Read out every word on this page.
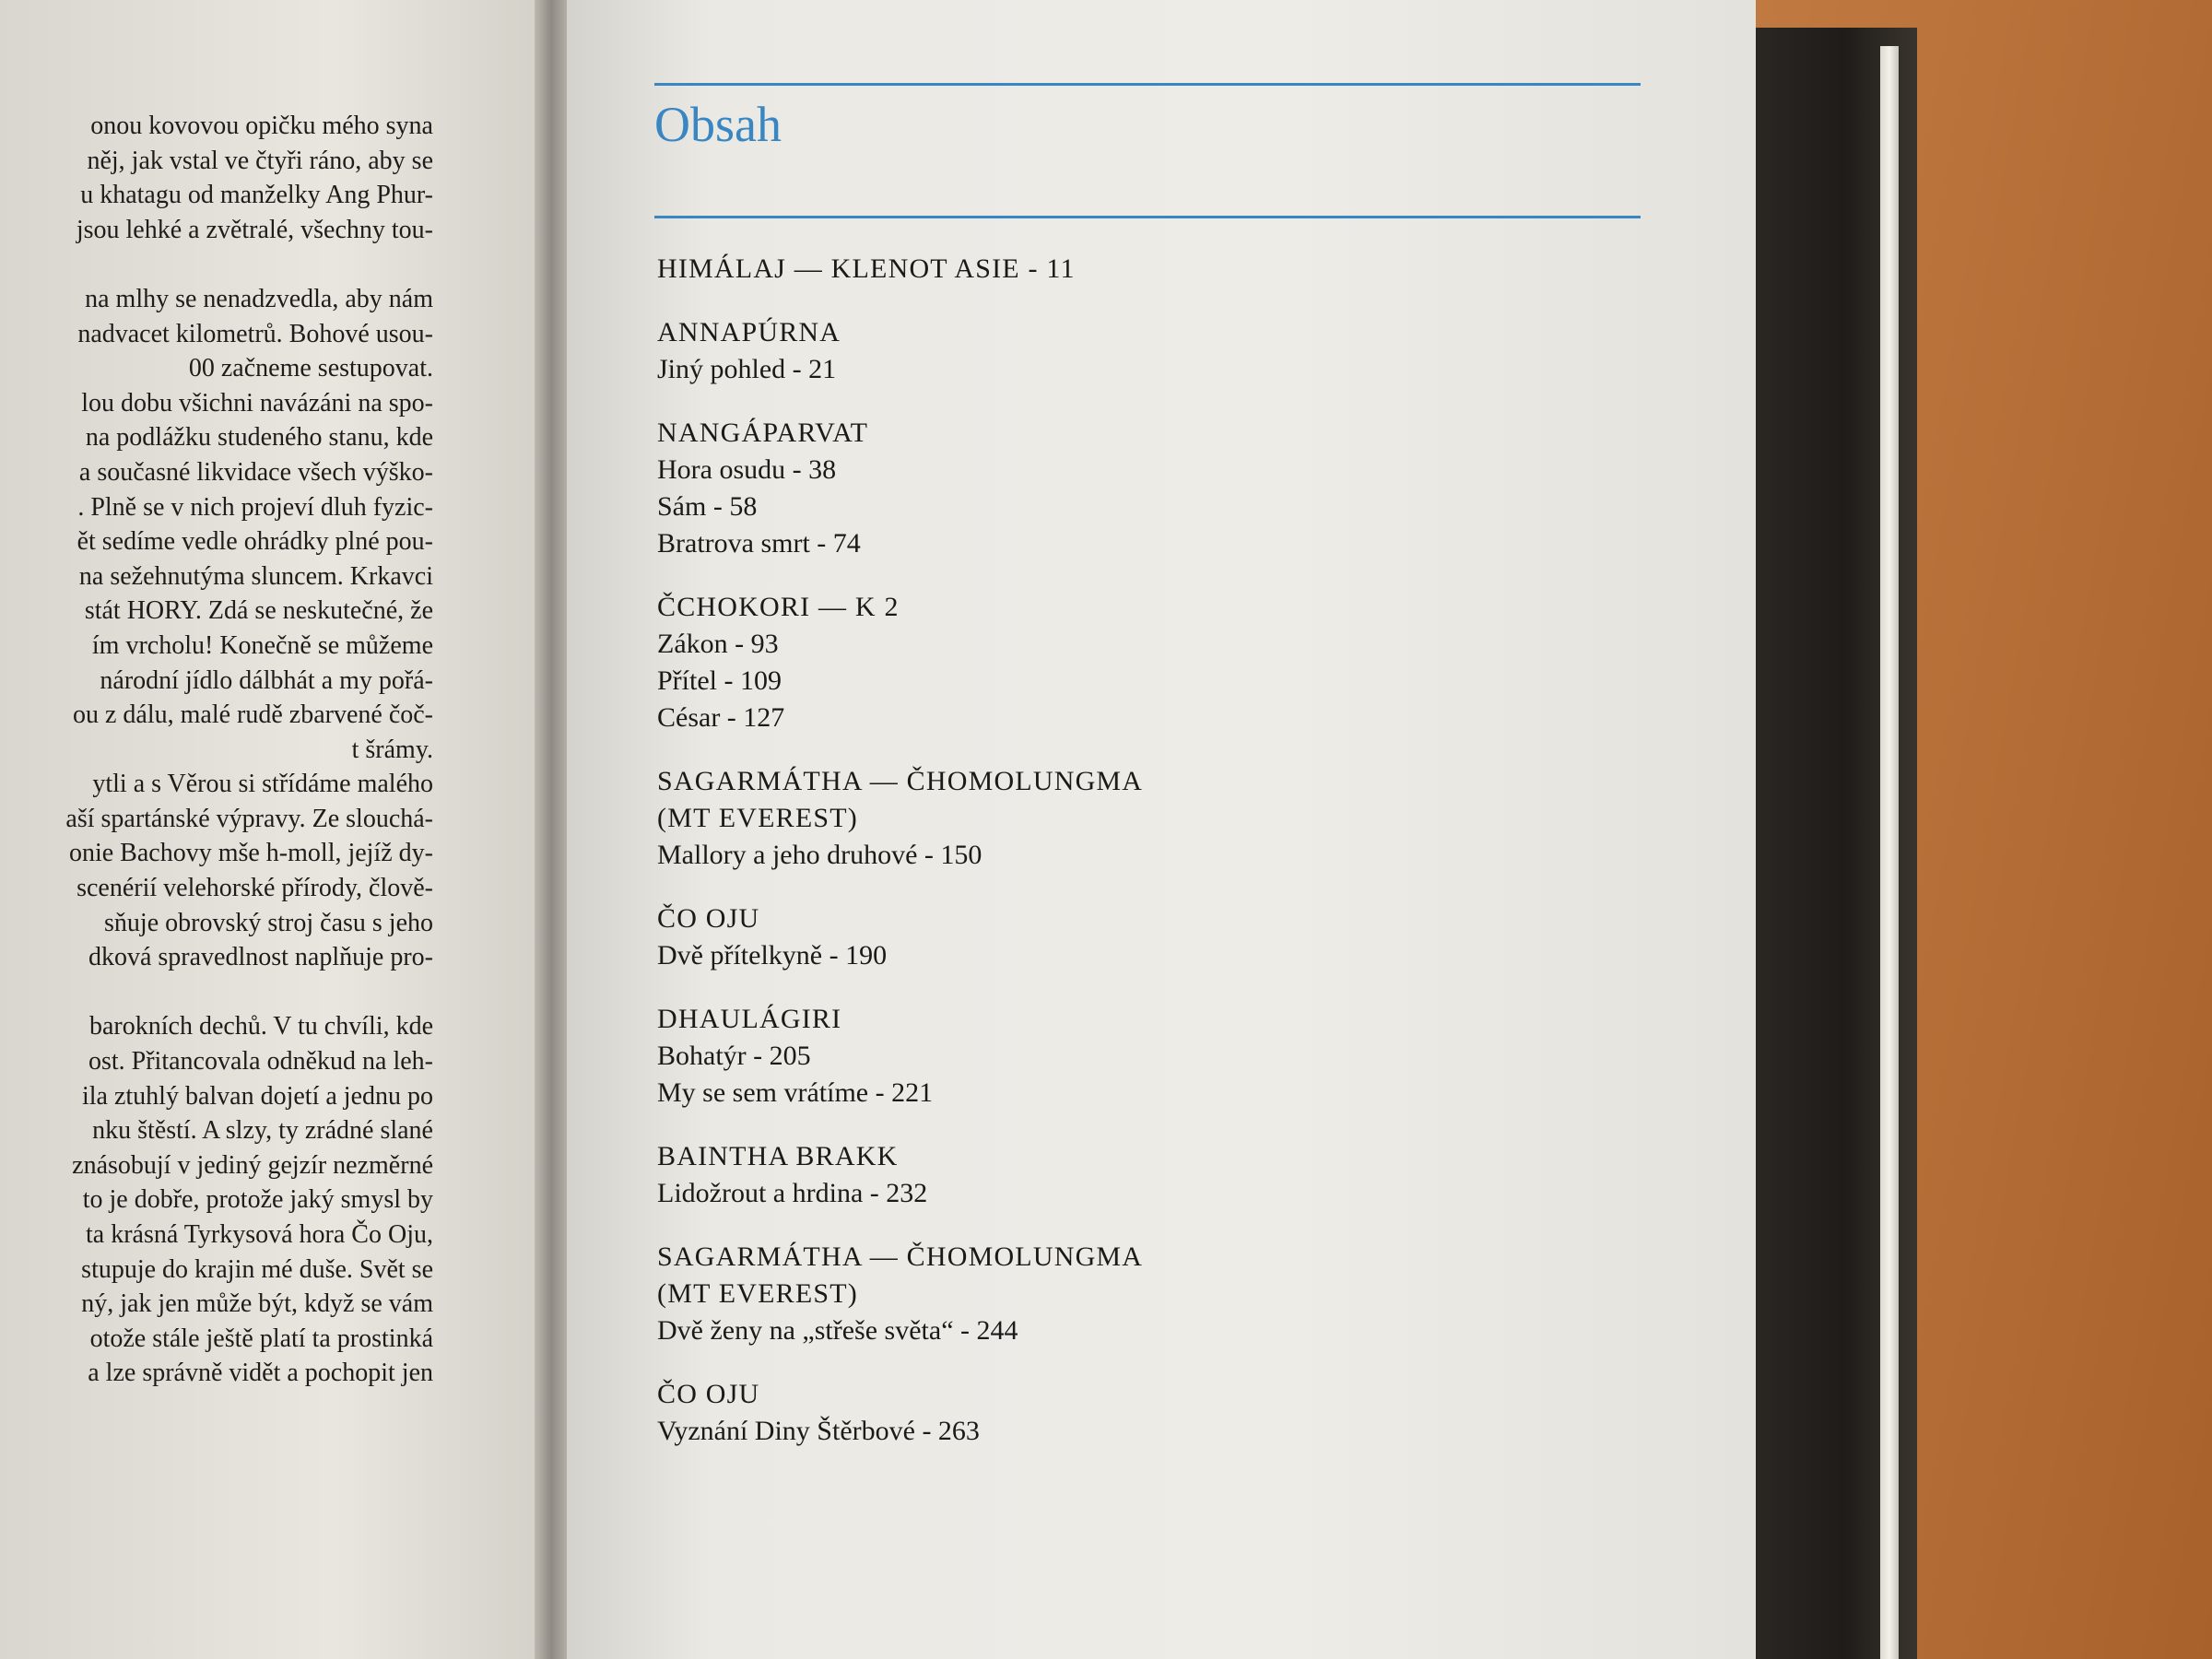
onou kovovou opičku mého syna
něj, jak vstal ve čtyři ráno, aby se
u khatagu od manželky Ang Phur-
jsou lehké a zvětralé, všechny tou-
na mlhy se nenadzvedla, aby nám
nadvacet kilometrů. Bohové usou-
00 začneme sestupovat.
lou dobu všichni navázáni na spo-
na podlážku studeného stanu, kde
a současné likvidace všech výško-
. Plně se v nich projeví dluh fyzic-
ět sedíme vedle ohrádky plné pou-
na sežehnutýma sluncem. Krkavci
stát HORY. Zdá se neskutečné, že
ím vrcholu! Konečně se můžeme
národní jídlo dálbhát a my pořá-
ou z dálu, malé rudě zbarvené čoč-
t šrámy.
ytli a s Věrou si střídáme malého
aší spartánské výpravy. Ze slouchá-
onie Bachovy mše h-moll, jejíž dy-
scenérií velehorské přírody, člově-
sňuje obrovský stroj času s jeho
dková spravedlnost naplňuje pro-
barokních dechů. V tu chvíli, kde
ost. Přitancovala odněkud na leh-
ila ztuhlý balvan dojetí a jednu po
nku štěstí. A slzy, ty zrádné slané
znásobují v jediný gejzír nezměrné
to je dobře, protože jaký smysl by
ta krásná Tyrkysová hora Čo Oju,
stupuje do krajin mé duše. Svět se
ný, jak jen může být, když se vám
otože stále ještě platí ta prostinká
a lze správně vidět a pochopit jen
Obsah
HIMÁLAJ — KLENOT ASIE - 11
ANNAPÚRNA
Jiný pohled - 21
NANGÁPARVAT
Hora osudu - 38
Sám - 58
Bratrova smrt - 74
ČCHOKORI — K 2
Zákon - 93
Přítel - 109
César - 127
SAGARMÁTHA — ČHOMOLUNGMA
(MT EVEREST)
Mallory a jeho druhové - 150
ČO OJU
Dvě přítelkyně - 190
DHAULÁGIRI
Bohatýr - 205
My se sem vrátíme - 221
BAINTHA BRAKK
Lidožrout a hrdina - 232
SAGARMÁTHA — ČHOMOLUNGMA
(MT EVEREST)
Dvě ženy na „střeše světa“ - 244
ČO OJU
Vyznání Diny Štěrbové - 263
